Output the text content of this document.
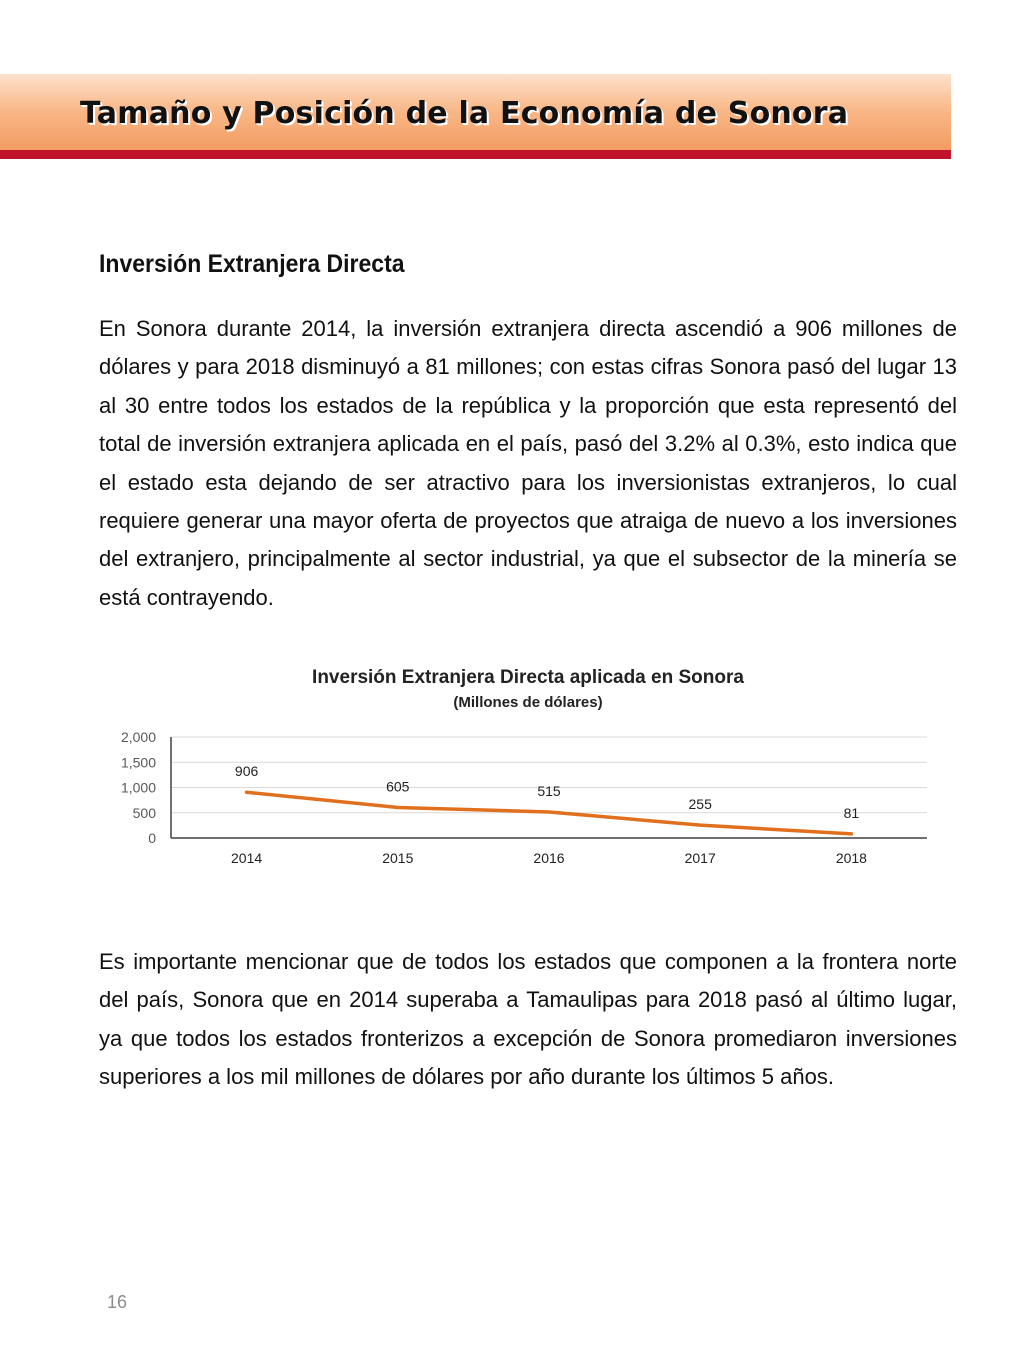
Tamaño y Posición de la Economía de Sonora
Inversión Extranjera Directa
En Sonora durante 2014, la inversión extranjera directa ascendió a 906 millones de dólares y para 2018 disminuyó a 81 millones; con estas cifras Sonora pasó del lugar 13 al 30 entre todos los estados de la república y la proporción que esta representó del total de inversión extranjera aplicada en el país, pasó del 3.2% al 0.3%, esto indica que el estado esta dejando de ser atractivo para los inversionistas extranjeros, lo cual requiere generar una mayor oferta de proyectos que atraiga de nuevo a los inversiones del extranjero, principalmente al sector industrial, ya que el subsector de la minería se está contrayendo.
Inversión Extranjera Directa aplicada en Sonora
(Millones de dólares)
0
500
1,000
1,500
2,000
2014	2015	2016	2017	2018
906
605	515
255
81
Es importante mencionar que de todos los estados que componen a la frontera norte del país, Sonora que en 2014 superaba a Tamaulipas para 2018 pasó al último lugar, ya que todos los estados fronterizos a excepción de Sonora promediaron inversiones superiores a los mil millones de dólares por año durante los últimos 5 años.
16
